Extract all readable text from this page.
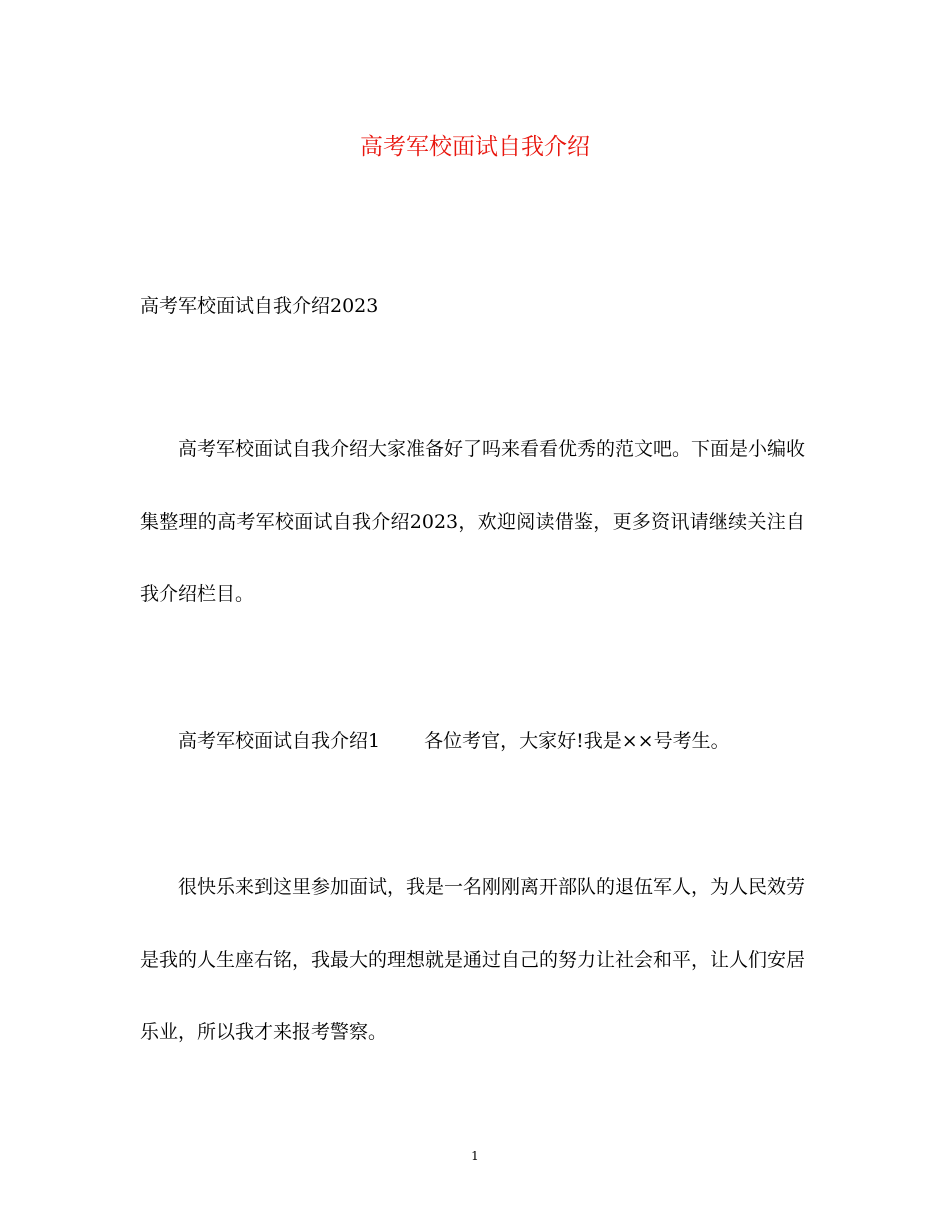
高考军校面试自我介绍

高考军校面试自我介绍2023

高考军校面试自我介绍大家准备好了吗来看看优秀的范文吧。下面是小编收集整理的高考军校面试自我介绍2023，欢迎阅读借鉴，更多资讯请继续关注自我介绍栏目。

高考军校面试自我介绍1 各位考官，大家好!我是××号考生。

很快乐来到这里参加面试，我是一名刚刚离开部队的退伍军人，为人民效劳是我的人生座右铭，我最大的理想就是通过自己的努力让社会和平，让人们安居乐业，所以我才来报考警察。

1
